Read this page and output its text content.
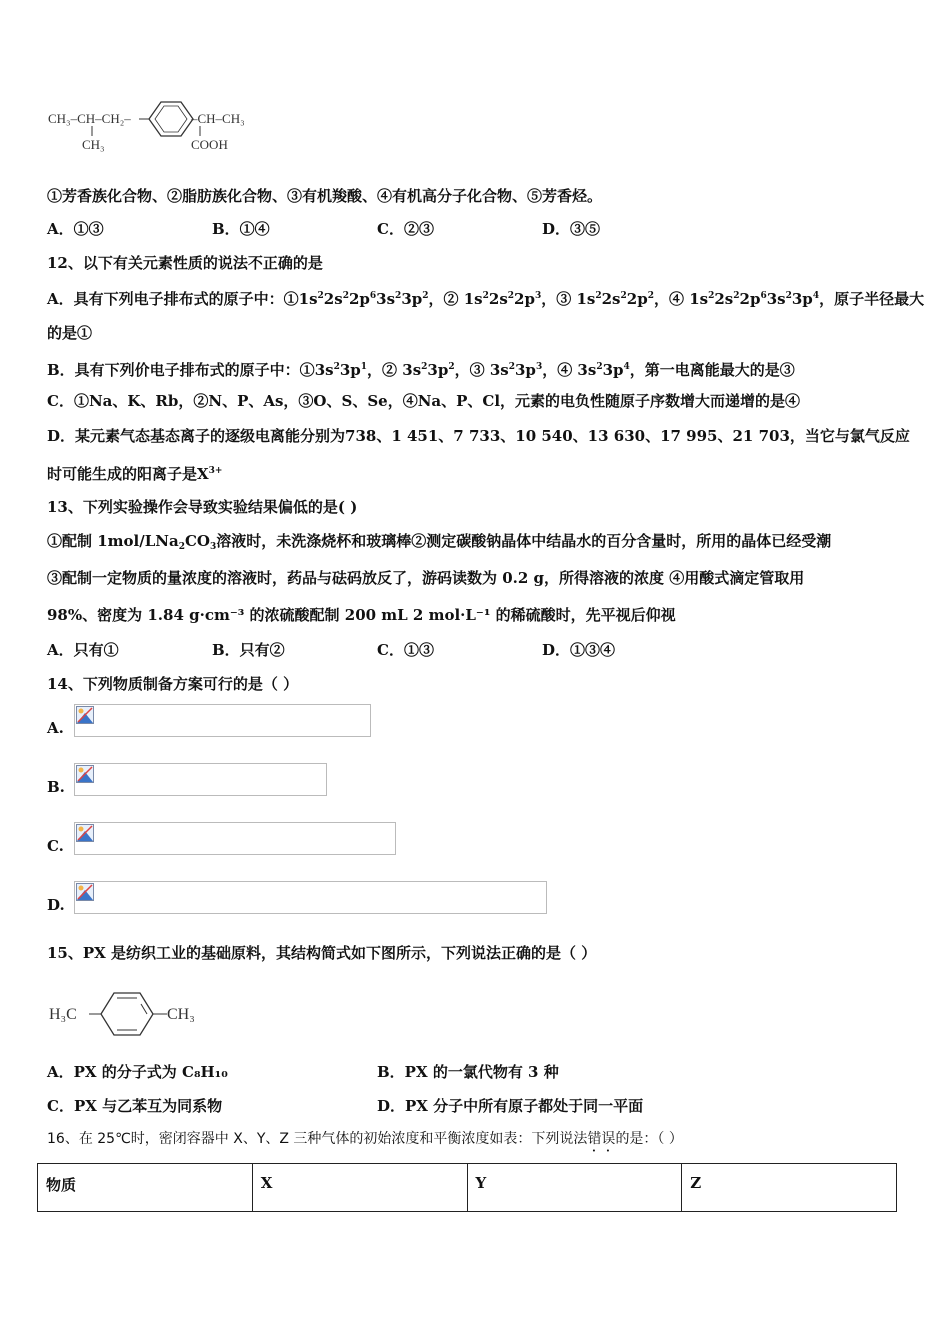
CH₃–CH–CH₂–
CH₃
–CH–CH₃
COOH
①芳香族化合物、②脂肪族化合物、③有机羧酸、④有机高分子化合物、⑤芳香烃。
A．①③	B．①④	C．②③	D．③⑤
12、以下有关元素性质的说法不正确的是
A．具有下列电子排布式的原子中：$①1s^22s^22p^63s^23p^2$，② $1s^22s^22p^3$，③ $1s^22s^22p^2$，④ $1s^22s^22p^63s^23p^4$，原子半径最大
的是①
B．具有下列价电子排布式的原子中：$①3s^23p^1$，② $3s^23p^2$，③ $3s^23p^3$，④ $3s^23p^4$，第一电离能最大的是③
C．①Na、K、Rb，②N、P、As，③O、S、Se，④Na、P、Cl，元素的电负性随原子序数增大而递增的是④
D．某元素气态基态离子的逐级电离能分别为738、1 451、7 733、10 540、13 630、17 995、21 703，当它与氯气反应
时可能生成的阳离子是$X^{3+}$
13、下列实验操作会导致实验结果偏低的是( )
①配制 $1mol/LNa_2CO_3$溶液时，未洗涤烧杯和玻璃棒②测定碳酸钠晶体中结晶水的百分含量时，所用的晶体已经受潮
③配制一定物质的量浓度的溶液时，药品与砝码放反了，游码读数为 0.2 g，所得溶液的浓度 ④用酸式滴定管取用
98%、密度为 1.84 g·cm⁻³ 的浓硫酸配制 200 mL 2 mol·L⁻¹ 的稀硫酸时，先平视后仰视
A．只有①	B．只有②	C．①③	D．①③④
14、下列物质制备方案可行的是（ ）
A.
B.
C.
D.
15、PX 是纺织工业的基础原料，其结构简式如下图所示，下列说法正确的是（ ）
H₃C	CH₃
A．PX 的分子式为 C₈H₁₀	B．PX 的一氯代物有 3 种
C．PX 与乙苯互为同系物	D．PX 分子中所有原子都处于同一平面
16、在 25℃时，密闭容器中 X、Y、Z 三种气体的初始浓度和平衡浓度如表：下列说法错误的是：（ ）
物质	X	Y	Z
